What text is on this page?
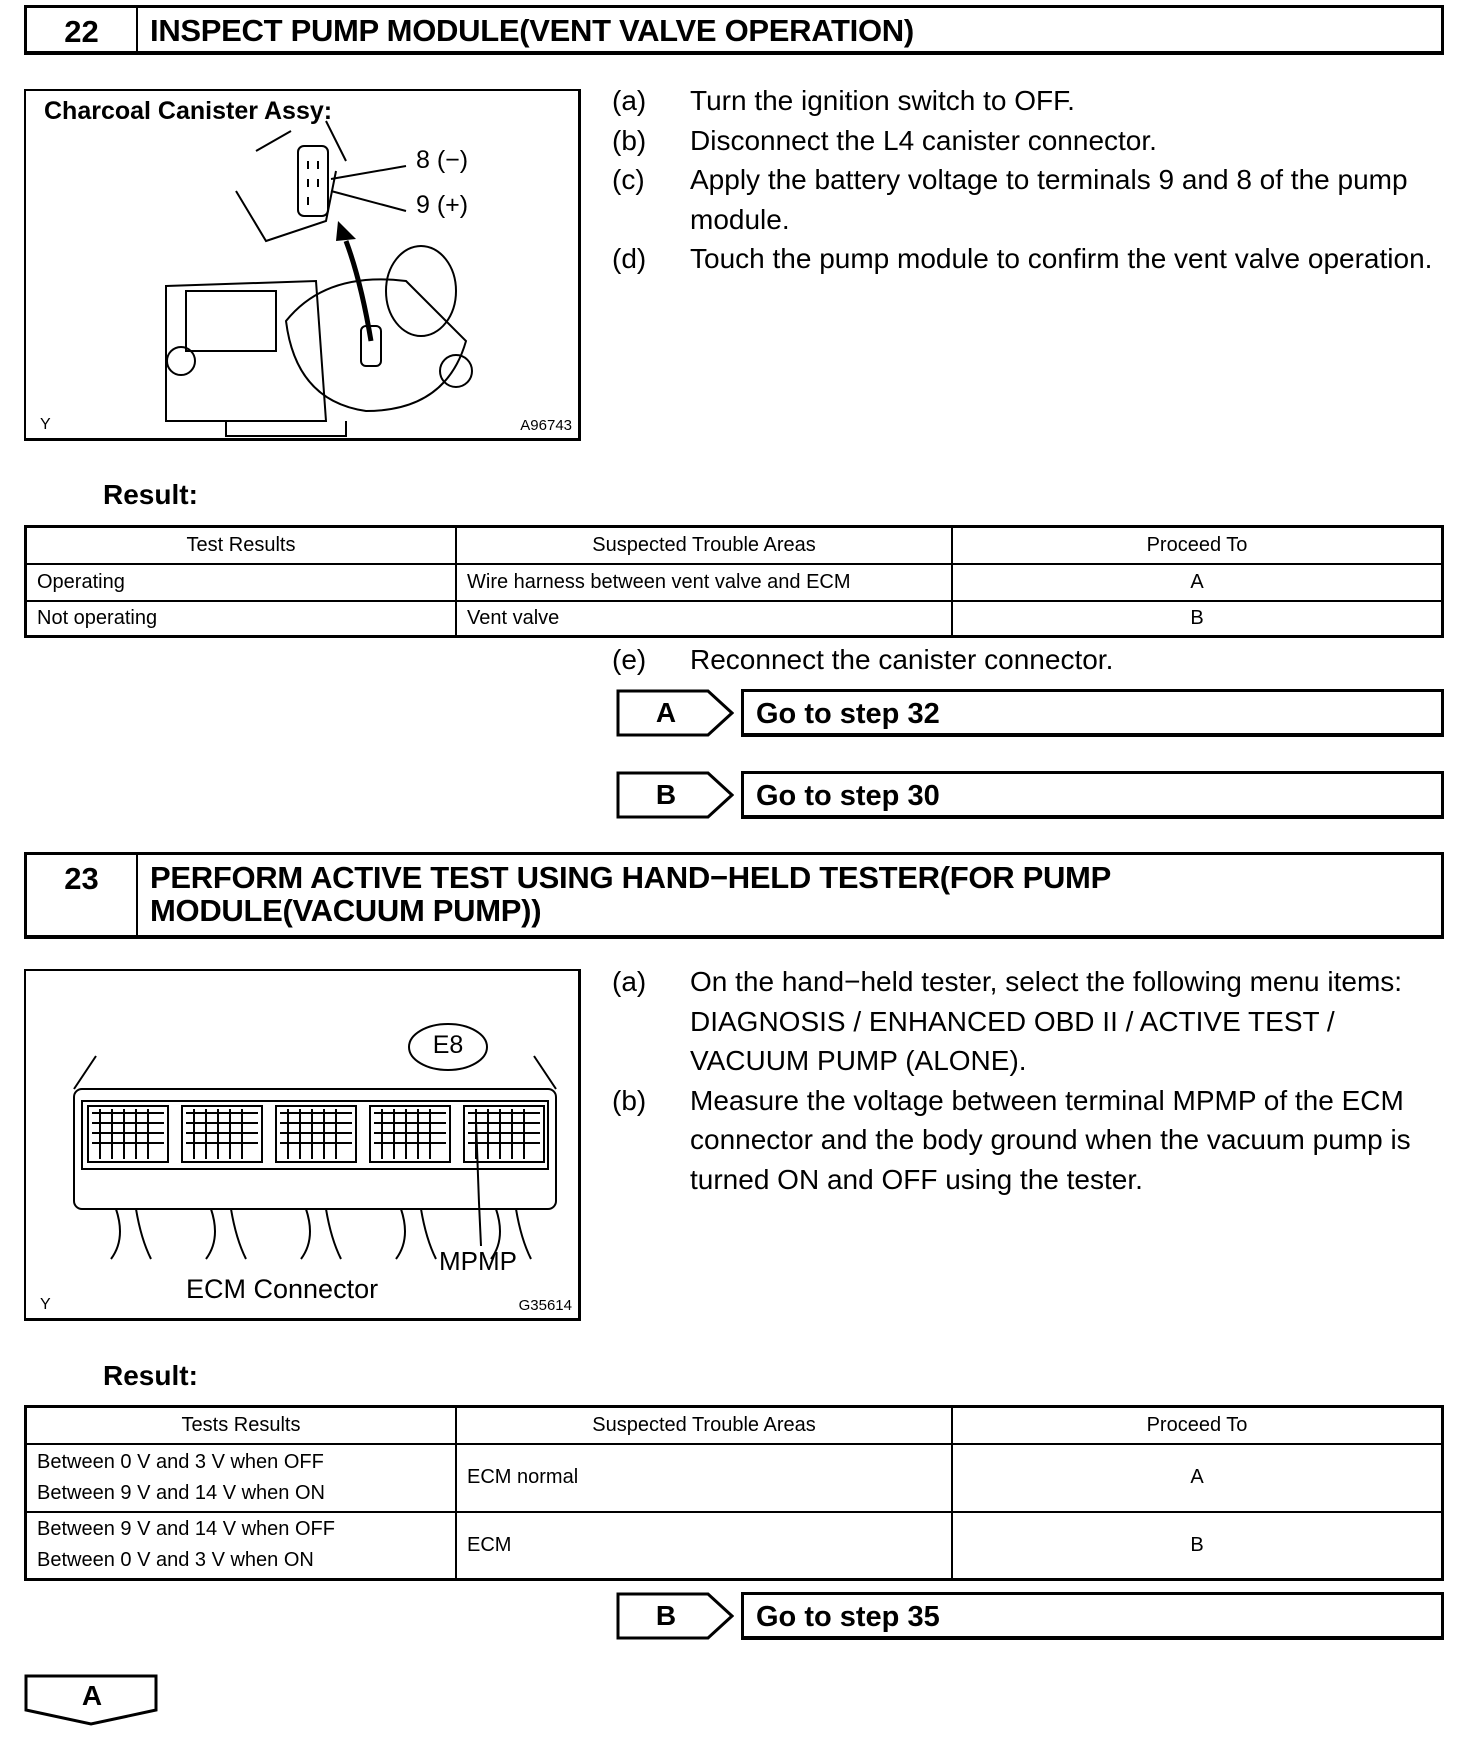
22	INSPECT PUMP MODULE(VENT VALVE OPERATION)
Charcoal Canister Assy:
8 (−)
9 (+)
Y	A96743
(a)	Turn the ignition switch to OFF.
(b)	Disconnect the L4 canister connector.
(c)	Apply the battery voltage to terminals 9 and 8 of the pump module.
(d)	Touch the pump module to confirm the vent valve operation.
Result:
Test Results	Suspected Trouble Areas	Proceed To
Operating	Wire harness between vent valve and ECM	A
Not operating	Vent valve	B
(e)	Reconnect the canister connector.
A	Go to step 32
B	Go to step 30
23	PERFORM ACTIVE TEST USING HAND−HELD TESTER(FOR PUMP MODULE(VACUUM PUMP))
E8
MPMP
ECM Connector
Y	G35614
(a)	On the hand−held tester, select the following menu items: DIAGNOSIS / ENHANCED OBD II / ACTIVE TEST / VACUUM PUMP (ALONE).
(b)	Measure the voltage between terminal MPMP of the ECM connector and the body ground when the vacuum pump is turned ON and OFF using the tester.
Result:
Tests Results	Suspected Trouble Areas	Proceed To

Between 0 V and 3 V when OFF
Between 9 V and 14 V when ON	ECM normal	A

Between 9 V and 14 V when OFF
Between 0 V and 3 V when ON	ECM	B
B	Go to step 35
A
